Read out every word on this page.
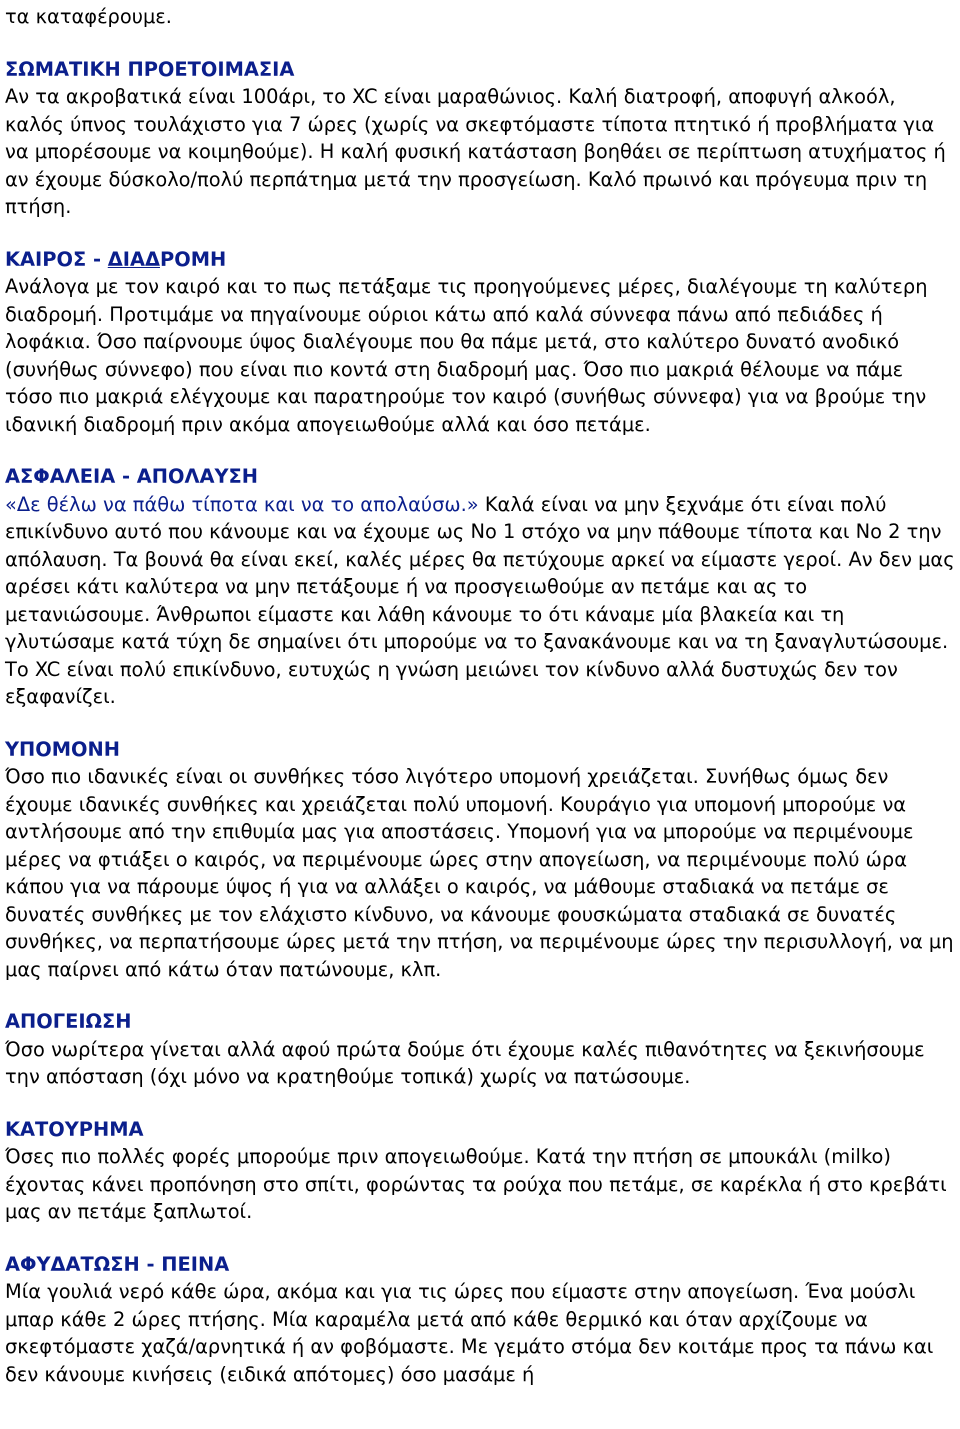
τα καταφέρουμε.

ΣΩΜΑΤΙΚΗ ΠΡΟΕΤΟΙΜΑΣΙΑ

Αν τα ακροβατικά είναι 100άρι, το XC είναι μαραθώνιος. Καλή διατροφή, αποφυγή αλκοόλ, καλός ύπνος τουλάχιστο για 7 ώρες (χωρίς να σκεφτόμαστε τίποτα πτητικό ή προβλήματα για να μπορέσουμε να κοιμηθούμε). Η καλή φυσική κατάσταση βοηθάει σε περίπτωση ατυχήματος ή αν έχουμε δύσκολο/πολύ περπάτημα μετά την προσγείωση. Καλό πρωινό και πρόγευμα πριν τη πτήση.

ΚΑΙΡΟΣ - ΔΙΑΔΡΟΜΗ

Ανάλογα με τον καιρό και το πως πετάξαμε τις προηγούμενες μέρες, διαλέγουμε τη καλύτερη διαδρομή. Προτιμάμε να πηγαίνουμε ούριοι κάτω από καλά σύννεφα πάνω από πεδιάδες ή λοφάκια. Όσο παίρνουμε ύψος διαλέγουμε που θα πάμε μετά, στο καλύτερο δυνατό ανοδικό (συνήθως σύννεφο) που είναι πιο κοντά στη διαδρομή μας. Όσο πιο μακριά θέλουμε να πάμε τόσο πιο μακριά ελέγχουμε και παρατηρούμε τον καιρό (συνήθως σύννεφα) για να βρούμε την ιδανική διαδρομή πριν ακόμα απογειωθούμε αλλά και όσο πετάμε.

ΑΣΦΑΛΕΙΑ - ΑΠΟΛΑΥΣΗ

«Δε θέλω να πάθω τίποτα και να το απολαύσω.» Καλά είναι να μην ξεχνάμε ότι είναι πολύ επικίνδυνο αυτό που κάνουμε και να έχουμε ως Νο 1 στόχο να μην πάθουμε τίποτα και Νο 2 την απόλαυση. Τα βουνά θα είναι εκεί, καλές μέρες θα πετύχουμε αρκεί να είμαστε γεροί. Αν δεν μας αρέσει κάτι καλύτερα να μην πετάξουμε ή να προσγειωθούμε αν πετάμε και ας το μετανιώσουμε. Άνθρωποι είμαστε και λάθη κάνουμε το ότι κάναμε μία βλακεία και τη γλυτώσαμε κατά τύχη δε σημαίνει ότι μπορούμε να το ξανακάνουμε και να τη ξαναγλυτώσουμε. Το XC είναι πολύ επικίνδυνο, ευτυχώς η γνώση μειώνει τον κίνδυνο αλλά δυστυχώς δεν τον εξαφανίζει.

ΥΠΟΜΟΝΗ

Όσο πιο ιδανικές είναι οι συνθήκες τόσο λιγότερο υπομονή χρειάζεται. Συνήθως όμως δεν έχουμε ιδανικές συνθήκες και χρειάζεται πολύ υπομονή. Κουράγιο για υπομονή μπορούμε να αντλήσουμε από την επιθυμία μας για αποστάσεις. Υπομονή για να μπορούμε να περιμένουμε μέρες να φτιάξει ο καιρός, να περιμένουμε ώρες στην απογείωση, να περιμένουμε πολύ ώρα κάπου για να πάρουμε ύψος ή για να αλλάξει ο καιρός, να μάθουμε σταδιακά να πετάμε σε δυνατές συνθήκες με τον ελάχιστο κίνδυνο, να κάνουμε φουσκώματα σταδιακά σε δυνατές συνθήκες, να περπατήσουμε ώρες μετά την πτήση, να περιμένουμε ώρες την περισυλλογή, να μη μας παίρνει από κάτω όταν πατώνουμε, κλπ.

ΑΠΟΓΕΙΩΣΗ

Όσο νωρίτερα γίνεται αλλά αφού πρώτα δούμε ότι έχουμε καλές πιθανότητες να ξεκινήσουμε την απόσταση (όχι μόνο να κρατηθούμε τοπικά) χωρίς να πατώσουμε.

ΚΑΤΟΥΡΗΜΑ

Όσες πιο πολλές φορές μπορούμε πριν απογειωθούμε. Κατά την πτήση σε μπουκάλι (milko) έχοντας κάνει προπόνηση στο σπίτι, φορώντας τα ρούχα που πετάμε, σε καρέκλα ή στο κρεβάτι μας αν πετάμε ξαπλωτοί.

ΑΦΥΔΑΤΩΣΗ - ΠΕΙΝΑ

Μία γουλιά νερό κάθε ώρα, ακόμα και για τις ώρες που είμαστε στην απογείωση. Ένα μούσλι μπαρ κάθε 2 ώρες πτήσης. Μία καραμέλα μετά από κάθε θερμικό και όταν αρχίζουμε να σκεφτόμαστε χαζά/αρνητικά ή αν φοβόμαστε. Με γεμάτο στόμα δεν κοιτάμε προς τα πάνω και δεν κάνουμε κινήσεις (ειδικά απότομες) όσο μασάμε ή
